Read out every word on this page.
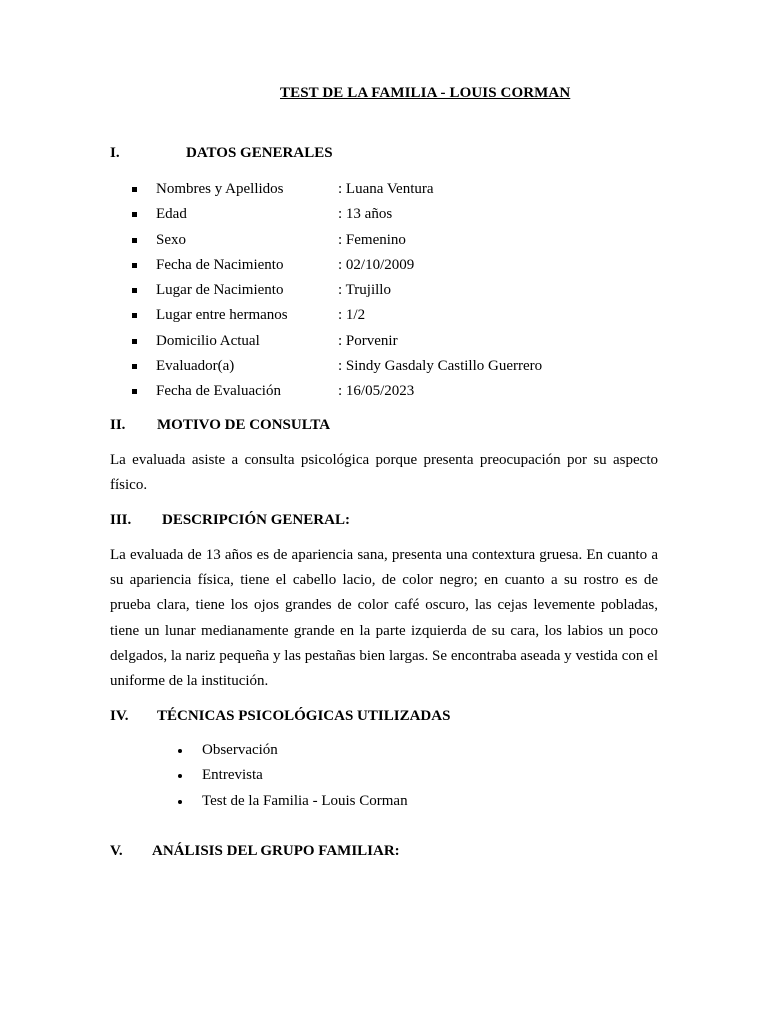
TEST DE LA FAMILIA - LOUIS CORMAN
I.	DATOS GENERALES
Nombres y Apellidos	: Luana Ventura
Edad	: 13 años
Sexo	: Femenino
Fecha de Nacimiento	: 02/10/2009
Lugar de Nacimiento	: Trujillo
Lugar entre hermanos	: 1/2
Domicilio Actual	: Porvenir
Evaluador(a)	: Sindy Gasdaly Castillo Guerrero
Fecha de Evaluación	: 16/05/2023
II. MOTIVO DE CONSULTA

La evaluada asiste a consulta psicológica porque presenta preocupación por su aspecto físico.

III. DESCRIPCIÓN GENERAL:

La evaluada de 13 años es de apariencia sana, presenta una contextura gruesa. En cuanto a su apariencia física, tiene el cabello lacio, de color negro; en cuanto a su rostro es de prueba clara, tiene los ojos grandes de color café oscuro, las cejas levemente pobladas, tiene un lunar medianamente grande en la parte izquierda de su cara, los labios un poco delgados, la nariz pequeña y las pestañas bien largas. Se encontraba aseada y vestida con el uniforme de la institución.

IV. TÉCNICAS PSICOLÓGICAS UTILIZADAS
Observación
Entrevista
Test de la Familia - Louis Corman
V. ANÁLISIS DEL GRUPO FAMILIAR:
